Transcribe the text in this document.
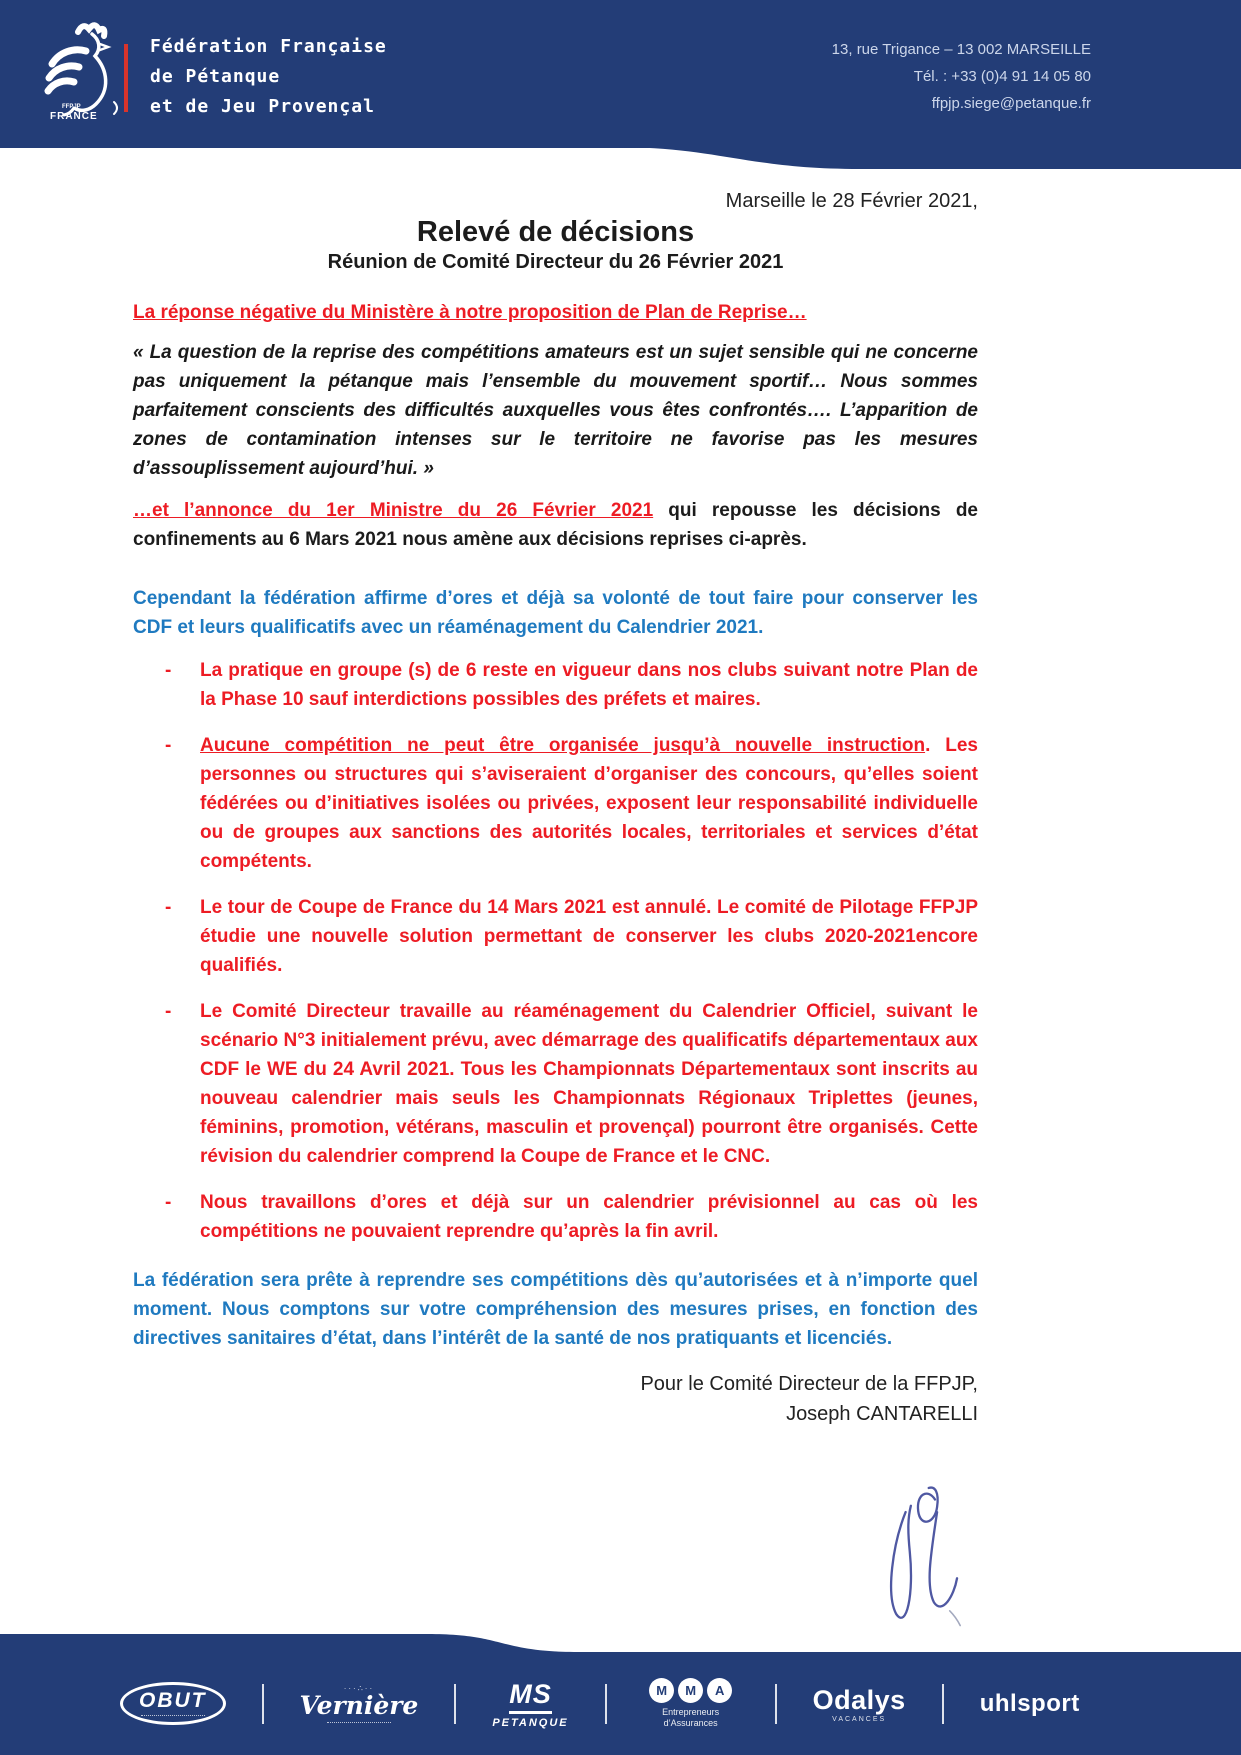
FFPJP
FRANCE
Fédération Française
de Pétanque
et de Jeu Provençal
13, rue Trigance – 13 002 MARSEILLE
Tél. : +33 (0)4 91 14 05 80
ffpjp.siege@petanque.fr

Marseille le 28 Février 2021,

Relevé de décisions
Réunion de Comité Directeur du 26 Février 2021

La réponse négative du Ministère à notre proposition de Plan de Reprise…

« La question de la reprise des compétitions amateurs est un sujet sensible qui ne concerne pas uniquement la pétanque mais l’ensemble du mouvement sportif… Nous sommes parfaitement conscients des difficultés auxquelles vous êtes confrontés…. L’apparition de zones de contamination intenses sur le territoire ne favorise pas les mesures d’assouplissement aujourd’hui. »

…et l’annonce du 1er Ministre du 26 Février 2021 qui repousse les décisions de confinements au 6 Mars 2021 nous amène aux décisions reprises ci-après.

Cependant la fédération affirme d’ores et déjà sa volonté de tout faire pour conserver les CDF et leurs qualificatifs avec un réaménagement du Calendrier 2021.

- La pratique en groupe (s) de 6 reste en vigueur dans nos clubs suivant notre Plan de la Phase 10 sauf interdictions possibles des préfets et maires.
- Aucune compétition ne peut être organisée jusqu’à nouvelle instruction. Les personnes ou structures qui s’aviseraient d’organiser des concours, qu’elles soient fédérées ou d’initiatives isolées ou privées, exposent leur responsabilité individuelle ou de groupes aux sanctions des autorités locales, territoriales et services d’état compétents.
- Le tour de Coupe de France du 14 Mars 2021 est annulé. Le comité de Pilotage FFPJP étudie une nouvelle solution permettant de conserver les clubs 2020-2021encore qualifiés.
- Le Comité Directeur travaille au réaménagement du Calendrier Officiel, suivant le scénario N°3 initialement prévu, avec démarrage des qualificatifs départementaux aux CDF le WE du 24 Avril 2021. Tous les Championnats Départementaux sont inscrits au nouveau calendrier mais seuls les Championnats Régionaux Triplettes (jeunes, féminins, promotion, vétérans, masculin et provençal) pourront être organisés. Cette révision du calendrier comprend la Coupe de France et le CNC.
- Nous travaillons d’ores et déjà sur un calendrier prévisionnel au cas où les compétitions ne pouvaient reprendre qu’après la fin avril.

La fédération sera prête à reprendre ses compétitions dès qu’autorisées et à n’importe quel moment. Nous comptons sur votre compréhension des mesures prises, en fonction des directives sanitaires d’état, dans l’intérêt de la santé de nos pratiquants et licenciés.

Pour le Comité Directeur de la FFPJP,
Joseph CANTARELLI
OBUT
···∴··
Vernière	MS
PETANQUE
M	M	A
Entrepreneurs d’Assurances
Odalys
VACANCES
uhlsport
